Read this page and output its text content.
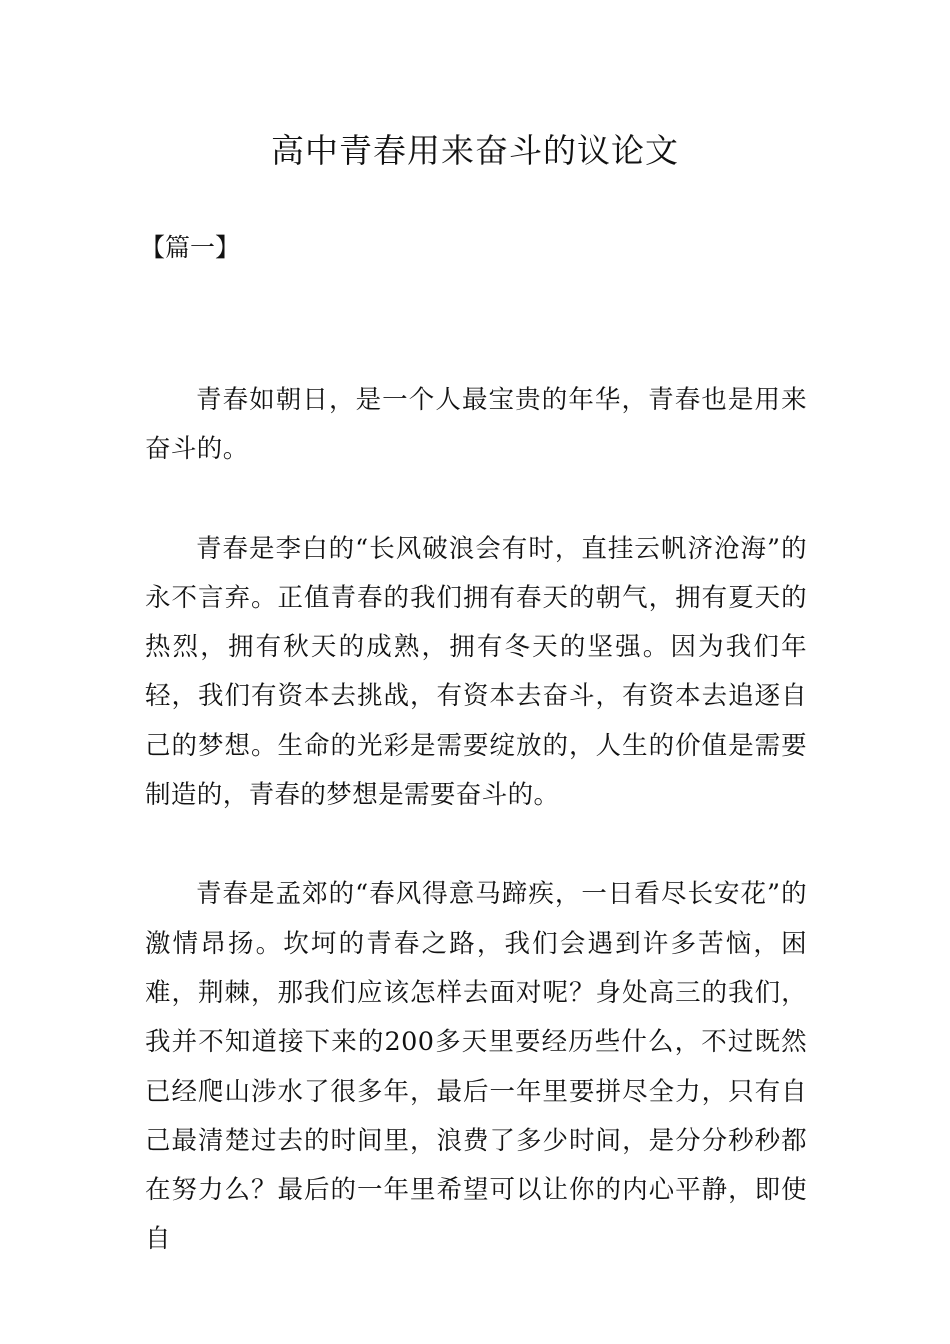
高中青春用来奋斗的议论文
【篇一】

青春如朝日，是一个人最宝贵的年华，青春也是用来奋斗的。

青春是李白的“长风破浪会有时，直挂云帆济沧海”的永不言弃。正值青春的我们拥有春天的朝气，拥有夏天的热烈，拥有秋天的成熟，拥有冬天的坚强。因为我们年轻，我们有资本去挑战，有资本去奋斗，有资本去追逐自己的梦想。生命的光彩是需要绽放的，人生的价值是需要制造的，青春的梦想是需要奋斗的。

青春是孟郊的“春风得意马蹄疾，一日看尽长安花”的激情昂扬。坎坷的青春之路，我们会遇到许多苦恼，困难，荆棘，那我们应该怎样去面对呢？身处高三的我们，我并不知道接下来的200多天里要经历些什么，不过既然已经爬山涉水了很多年，最后一年里要拼尽全力，只有自己最清楚过去的时间里，浪费了多少时间，是分分秒秒都在努力么？最后的一年里希望可以让你的内心平静，即使自
